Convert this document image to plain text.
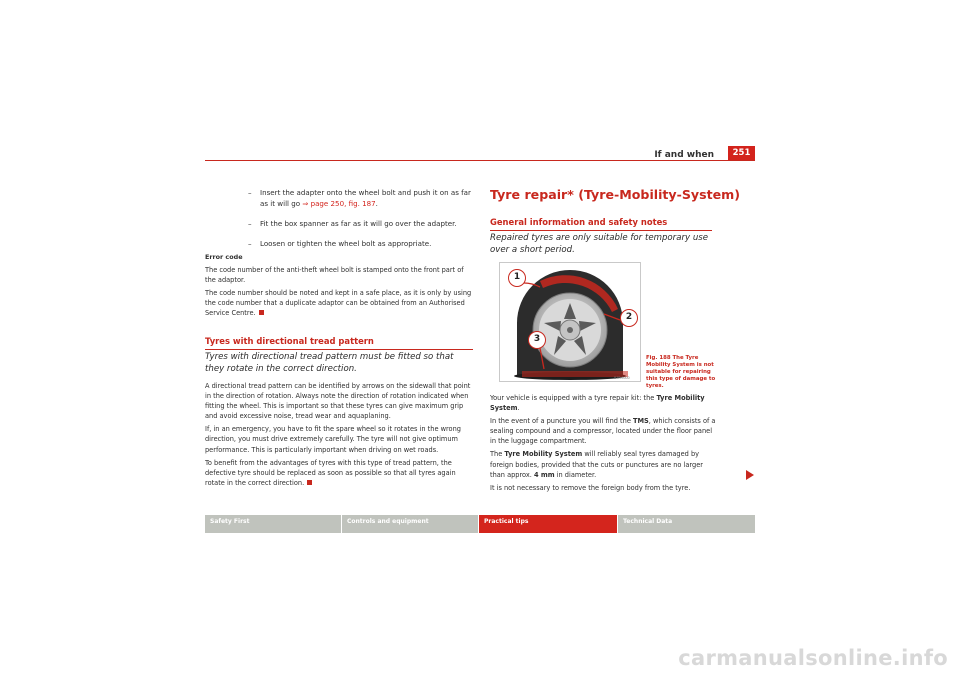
If and when	251

– Insert the adapter onto the wheel bolt and push it on as far as it will go ⇒ page 250, fig. 187.

– Fit the box spanner as far as it will go over the adapter.

– Loosen or tighten the wheel bolt as appropriate.

Error code

The code number of the anti-theft wheel bolt is stamped onto the front part of the adaptor.

The code number should be noted and kept in a safe place, as it is only by using the code number that a duplicate adaptor can be obtained from an Authorised Service Centre.

Tyres with directional tread pattern
Tyres with directional tread pattern must be fitted so that they rotate in the correct direction.

A directional tread pattern can be identified by arrows on the sidewall that point in the direction of rotation. Always note the direction of rotation indicated when fitting the wheel. This is important so that these tyres can give maximum grip and avoid excessive noise, tread wear and aquaplaning.

If, in an emergency, you have to fit the spare wheel so it rotates in the wrong direction, you must drive extremely carefully. The tyre will not give optimum performance. This is particularly important when driving on wet roads.

To benefit from the advantages of tyres with this type of tread pattern, the defective tyre should be replaced as soon as possible so that all tyres again rotate in the correct direction.

Tyre repair* (Tyre-Mobility-System)
General information and safety notes
Repaired tyres are only suitable for temporary use over a short period.
B3B-0000
1
2
3
Fig. 188 The Tyre Mobility System is not suitable for repairing this type of damage to tyres.

Your vehicle is equipped with a tyre repair kit: the Tyre Mobility System.

In the event of a puncture you will find the TMS, which consists of a sealing compound and a compressor, located under the floor panel in the luggage compartment.

The Tyre Mobility System will reliably seal tyres damaged by foreign bodies, provided that the cuts or punctures are no larger than approx. 4 mm in diameter.

It is not necessary to remove the foreign body from the tyre.

Safety First	Controls and equipment	Practical tips	Technical Data
carmanualsonline.info
